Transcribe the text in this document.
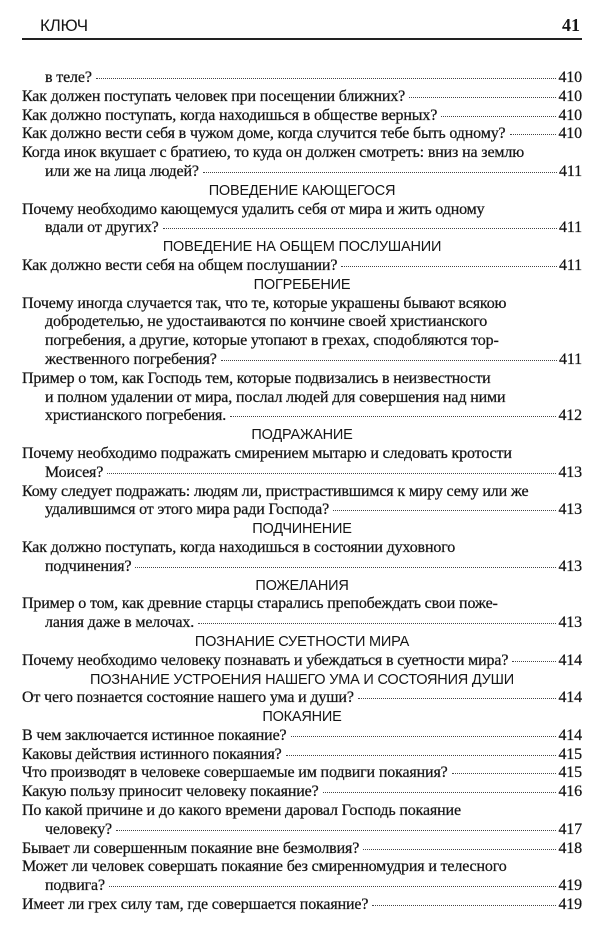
КЛЮЧ	41
в теле?	410
Как должен поступать человек при посещении ближних?	410
Как должно поступать, когда находишься в обществе верных?	410
Как должно вести себя в чужом доме, когда случится тебе быть одному?	410
Когда инок вкушает с братиею, то куда он должен смотреть: вниз на землю
или же на лица людей?	411
ПОВЕДЕНИЕ КАЮЩЕГОСЯ
Почему необходимо кающемуся удалить себя от мира и жить одному
вдали от других?	411
ПОВЕДЕНИЕ НА ОБЩЕМ ПОСЛУШАНИИ
Как должно вести себя на общем послушании?	411
ПОГРЕБЕНИЕ
Почему иногда случается так, что те, которые украшены бывают всякою
добродетелью, не удостаиваются по кончине своей христианского
погребения, а другие, которые утопают в грехах, сподобляются тор-
жественного погребения?	411
Пример о том, как Господь тем, которые подвизались в неизвестности
и полном удалении от мира, послал людей для совершения над ними
христианского погребения.	412
ПОДРАЖАНИЕ
Почему необходимо подражать смирением мытарю и следовать кротости
Моисея?	413
Кому следует подражать: людям ли, пристрастившимся к миру сему или же
удалившимся от этого мира ради Господа?	413
ПОДЧИНЕНИЕ
Как должно поступать, когда находишься в состоянии духовного
подчинения?	413
ПОЖЕЛАНИЯ
Пример о том, как древние старцы старались препобеждать свои поже-
лания даже в мелочах.	413
ПОЗНАНИЕ СУЕТНОСТИ МИРА
Почему необходимо человеку познавать и убеждаться в суетности мира?	414
ПОЗНАНИЕ УСТРОЕНИЯ НАШЕГО УМА И СОСТОЯНИЯ ДУШИ
От чего познается состояние нашего ума и души?	414
ПОКАЯНИЕ
В чем заключается истинное покаяние?	414
Каковы действия истинного покаяния?	415
Что производят в человеке совершаемые им подвиги покаяния?	415
Какую пользу приносит человеку покаяние?	416
По какой причине и до какого времени даровал Господь покаяние
человеку?	417
Бывает ли совершенным покаяние вне безмолвия?	418
Может ли человек совершать покаяние без смиренномудрия и телесного
подвига?	419
Имеет ли грех силу там, где совершается покаяние?	419
